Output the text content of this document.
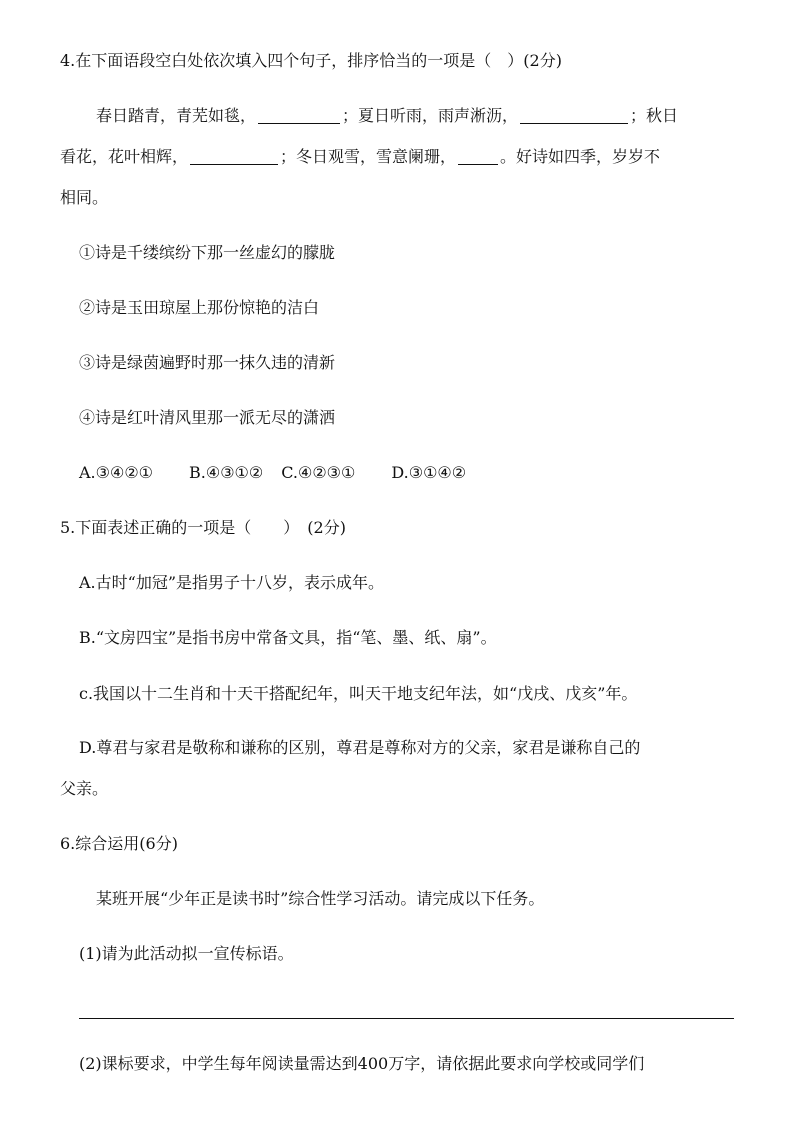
4.在下面语段空白处依次填入四个句子，排序恰当的一项是（　）(2分)
春日踏青，青芜如毯，	；夏日听雨，雨声淅沥，	；秋日
看花，花叶相辉，	；冬日观雪，雪意阑珊，	。好诗如四季，岁岁不
相同。
①诗是千缕缤纷下那一丝虚幻的朦胧
②诗是玉田琼屋上那份惊艳的洁白
③诗是绿茵遍野时那一抹久违的清新
④诗是红叶清风里那一派无尽的潇洒
A.③④②① B.④③①② C.④②③① D.③①④②
5.下面表述正确的一项是（　　）　(2分)
A.古时“加冠”是指男子十八岁，表示成年。
B.“文房四宝”是指书房中常备文具，指“笔、墨、纸、扇”。
c.我国以十二生肖和十天干搭配纪年，叫天干地支纪年法，如“戊戌、戊亥”年。
D.尊君与家君是敬称和谦称的区别，尊君是尊称对方的父亲，家君是谦称自己的
父亲。
6.综合运用(6分)
某班开展“少年正是读书时”综合性学习活动。请完成以下任务。
(1)请为此活动拟一宣传标语。
(2)课标要求，中学生每年阅读量需达到400万字，请依据此要求向学校或同学们
